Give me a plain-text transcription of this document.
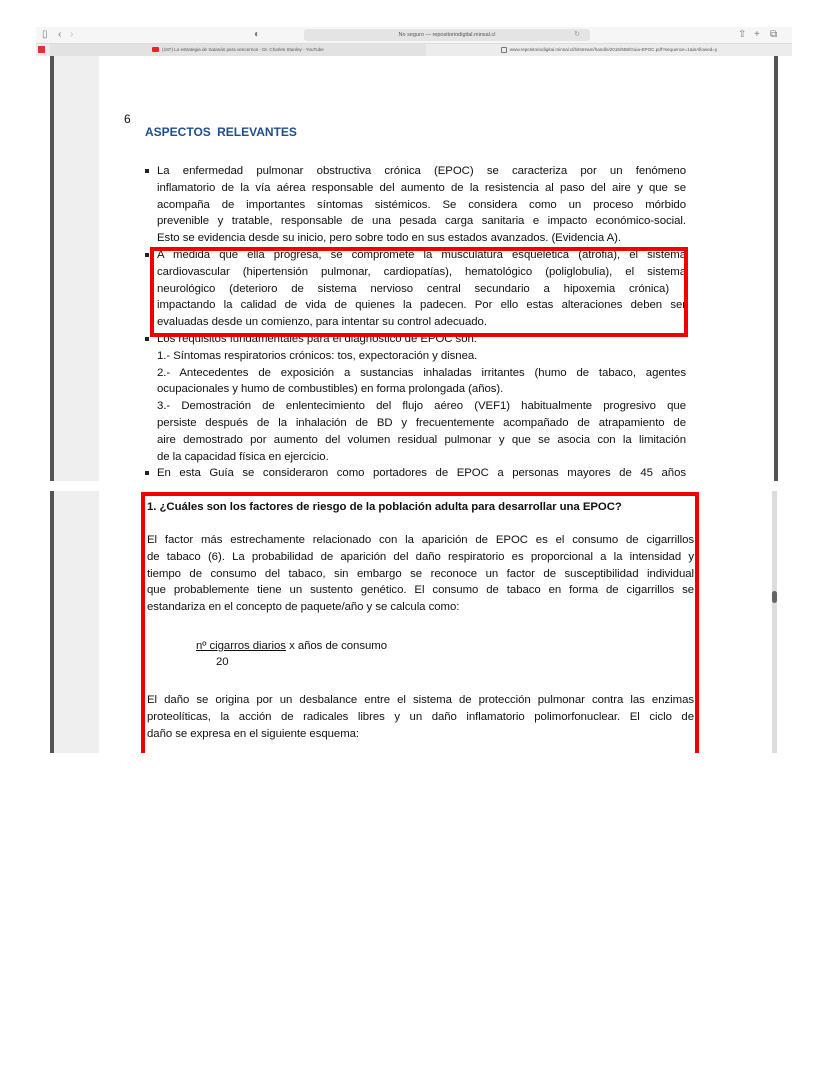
▯ ‹ ›	◐	No seguro — repositoriodigital.minsal.cl	↻	⇧ + ⧉
(187) La estrategia de Satanás para vencernos - Dr. Charles Stanley - YouTube	www.repositoriodigital.minsal.cl/bitstream/handle/2015/558/Guia-EPOC.pdf?sequence=1&isAllowed=y
6
ASPECTOS RELEVANTES
La enfermedad pulmonar obstructiva crónica (EPOC) se caracteriza por un fenómeno
inflamatorio de la vía aérea responsable del aumento de la resistencia al paso del aire y que se
acompaña de importantes síntomas sistémicos. Se considera como un proceso mórbido
prevenible y tratable, responsable de una pesada carga sanitaria e impacto económico-social.
Esto se evidencia desde su inicio, pero sobre todo en sus estados avanzados. (Evidencia A).
A medida que ella progresa, se compromete la musculatura esquelética (atrofia), el sistema
cardiovascular (hipertensión pulmonar, cardiopatías), hematológico (poliglobulia), el sistema
neurológico (deterioro de sistema nervioso central secundario a hipoxemia crónica) ,
impactando la calidad de vida de quienes la padecen. Por ello estas alteraciones deben ser
evaluadas desde un comienzo, para intentar su control adecuado.
Los requisitos fundamentales para el diagnóstico de EPOC son:
1.- Síntomas respiratorios crónicos: tos, expectoración y disnea.
2.- Antecedentes de exposición a sustancias inhaladas irritantes (humo de tabaco, agentes
ocupacionales y humo de combustibles) en forma prolongada (años).
3.- Demostración de enlentecimiento del flujo aéreo (VEF1) habitualmente progresivo que
persiste después de la inhalación de BD y frecuentemente acompañado de atrapamiento de
aire demostrado por aumento del volumen residual pulmonar y que se asocia con la limitación
de la capacidad física en ejercicio.
En esta Guía se consideraron como portadores de EPOC a personas mayores de 45 años
1. ¿Cuáles son los factores de riesgo de la población adulta para desarrollar una EPOC?
El factor más estrechamente relacionado con la aparición de EPOC es el consumo de cigarrillos
de tabaco (6). La probabilidad de aparición del daño respiratorio es proporcional a la intensidad y
tiempo de consumo del tabaco, sin embargo se reconoce un factor de susceptibilidad individual
que probablemente tiene un sustento genético. El consumo de tabaco en forma de cigarrillos se
estandariza en el concepto de paquete/año y se calcula como:
El daño se origina por un desbalance entre el sistema de protección pulmonar contra las enzimas
proteolíticas, la acción de radicales libres y un daño inflamatorio polimorfonuclear. El ciclo de
daño se expresa en el siguiente esquema:
nº cigarros diarios x años de consumo
20
